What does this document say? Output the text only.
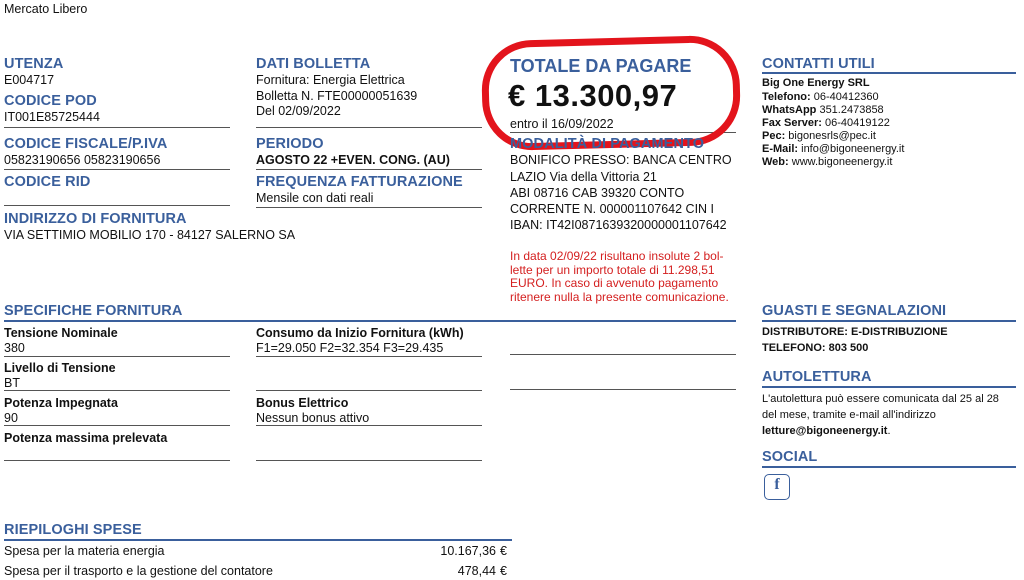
Mercato Libero
UTENZA
E004717
CODICE POD
IT001E85725444
CODICE FISCALE/P.IVA
05823190656 05823190656
CODICE RID
INDIRIZZO DI FORNITURA
VIA SETTIMIO MOBILIO 170 - 84127 SALERNO SA
DATI BOLLETTA
Fornitura: Energia Elettrica
Bolletta N. FTE00000051639
Del 02/09/2022
PERIODO
AGOSTO 22 +EVEN. CONG. (AU)
FREQUENZA FATTURAZIONE
Mensile con dati reali
TOTALE DA PAGARE
€ 13.300,97
entro il 16/09/2022
MODALITÀ DI PAGAMENTO
BONIFICO PRESSO: BANCA CENTRO
LAZIO Via della Vittoria 21
ABI 08716 CAB 39320 CONTO
CORRENTE N. 000001107642 CIN I
IBAN: IT42I0871639320000001107642
In data 02/09/22 risultano insolute 2 bol-
lette per un importo totale di 11.298,51
EURO. In caso di avvenuto pagamento
ritenere nulla la presente comunicazione.
CONTATTI UTILI
Big One Energy SRL
Telefono: 06-40412360
WhatsApp 351.2473858
Fax Server: 06-40419122
Pec: bigonesrls@pec.it
E-Mail: info@bigoneenergy.it
Web: www.bigoneenergy.it
SPECIFICHE FORNITURA
Tensione Nominale
380
Livello di Tensione
BT
Potenza Impegnata
90
Potenza massima prelevata
Consumo da Inizio Fornitura (kWh)
F1=29.050 F2=32.354 F3=29.435
Bonus Elettrico
Nessun bonus attivo
GUASTI E SEGNALAZIONI
DISTRIBUTORE: E-DISTRIBUZIONE
TELEFONO: 803 500
AUTOLETTURA
L'autolettura può essere comunicata dal 25 al 28
del mese, tramite e-mail all'indirizzo
letture@bigoneenergy.it.
SOCIAL
f
RIEPILOGHI SPESE
Spesa per la materia energia	10.167,36 €
Spesa per il trasporto e la gestione del contatore	478,44 €
